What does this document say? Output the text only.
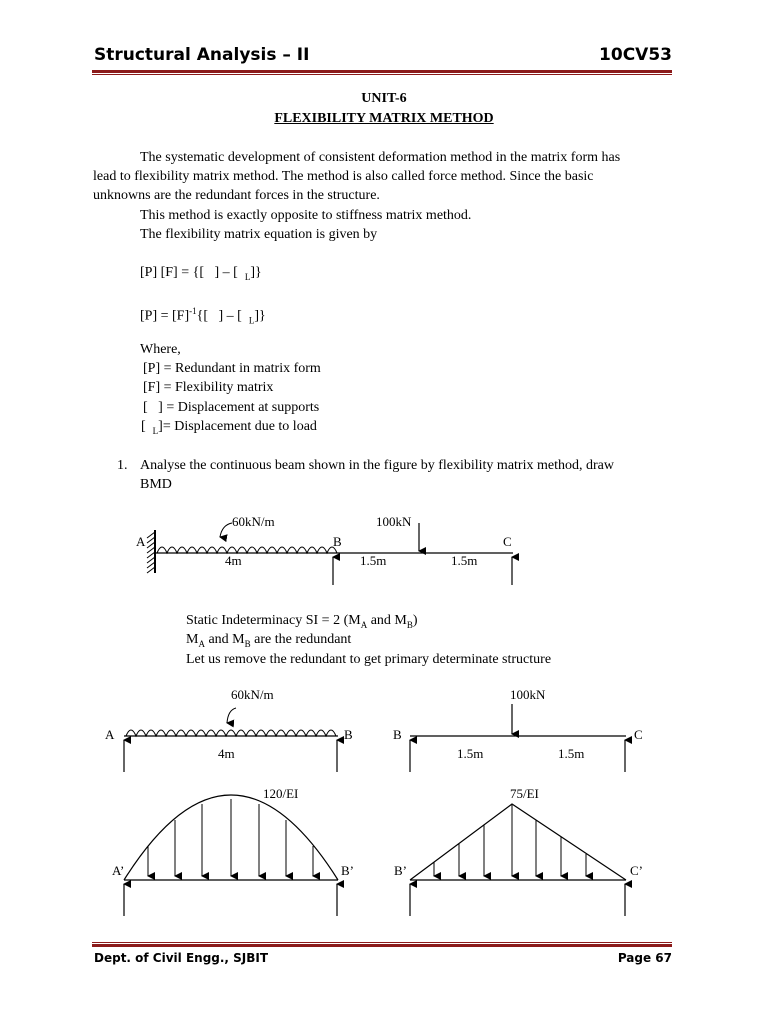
Structural Analysis – II	10CV53
UNIT-6
FLEXIBILITY MATRIX METHOD
The systematic development of consistent deformation method in the matrix form has
lead to flexibility matrix method. The method is also called force method. Since the basic
unknowns are the redundant forces in the structure.
This method is exactly opposite to stiffness matrix method.
The flexibility matrix equation is given by
[P] [F] = {[   ] – [  $_L$]}
$[P] = [F]^{-1}${[   ] – [  $_L$]}
Where,
[P] = Redundant in matrix form
[F] = Flexibility matrix
[   ] = Displacement at supports
[  $_L$]= Displacement due to load
1. Analyse the continuous beam shown in the figure by flexibility matrix method, draw
BMD
60kN/m	100kN
A	B	C
4m	1.5m	1.5m
Static Indeterminacy SI = 2 ($M_A$ and $M_B$)
$M_A$ and $M_B$ are the redundant
Let us remove the redundant to get primary determinate structure
60kN/m
A	B
4m
100kN
B	C
1.5m	1.5m
120/EI
A’	B’
75/EI
B’	C’
Dept. of Civil Engg., SJBIT	Page 67
